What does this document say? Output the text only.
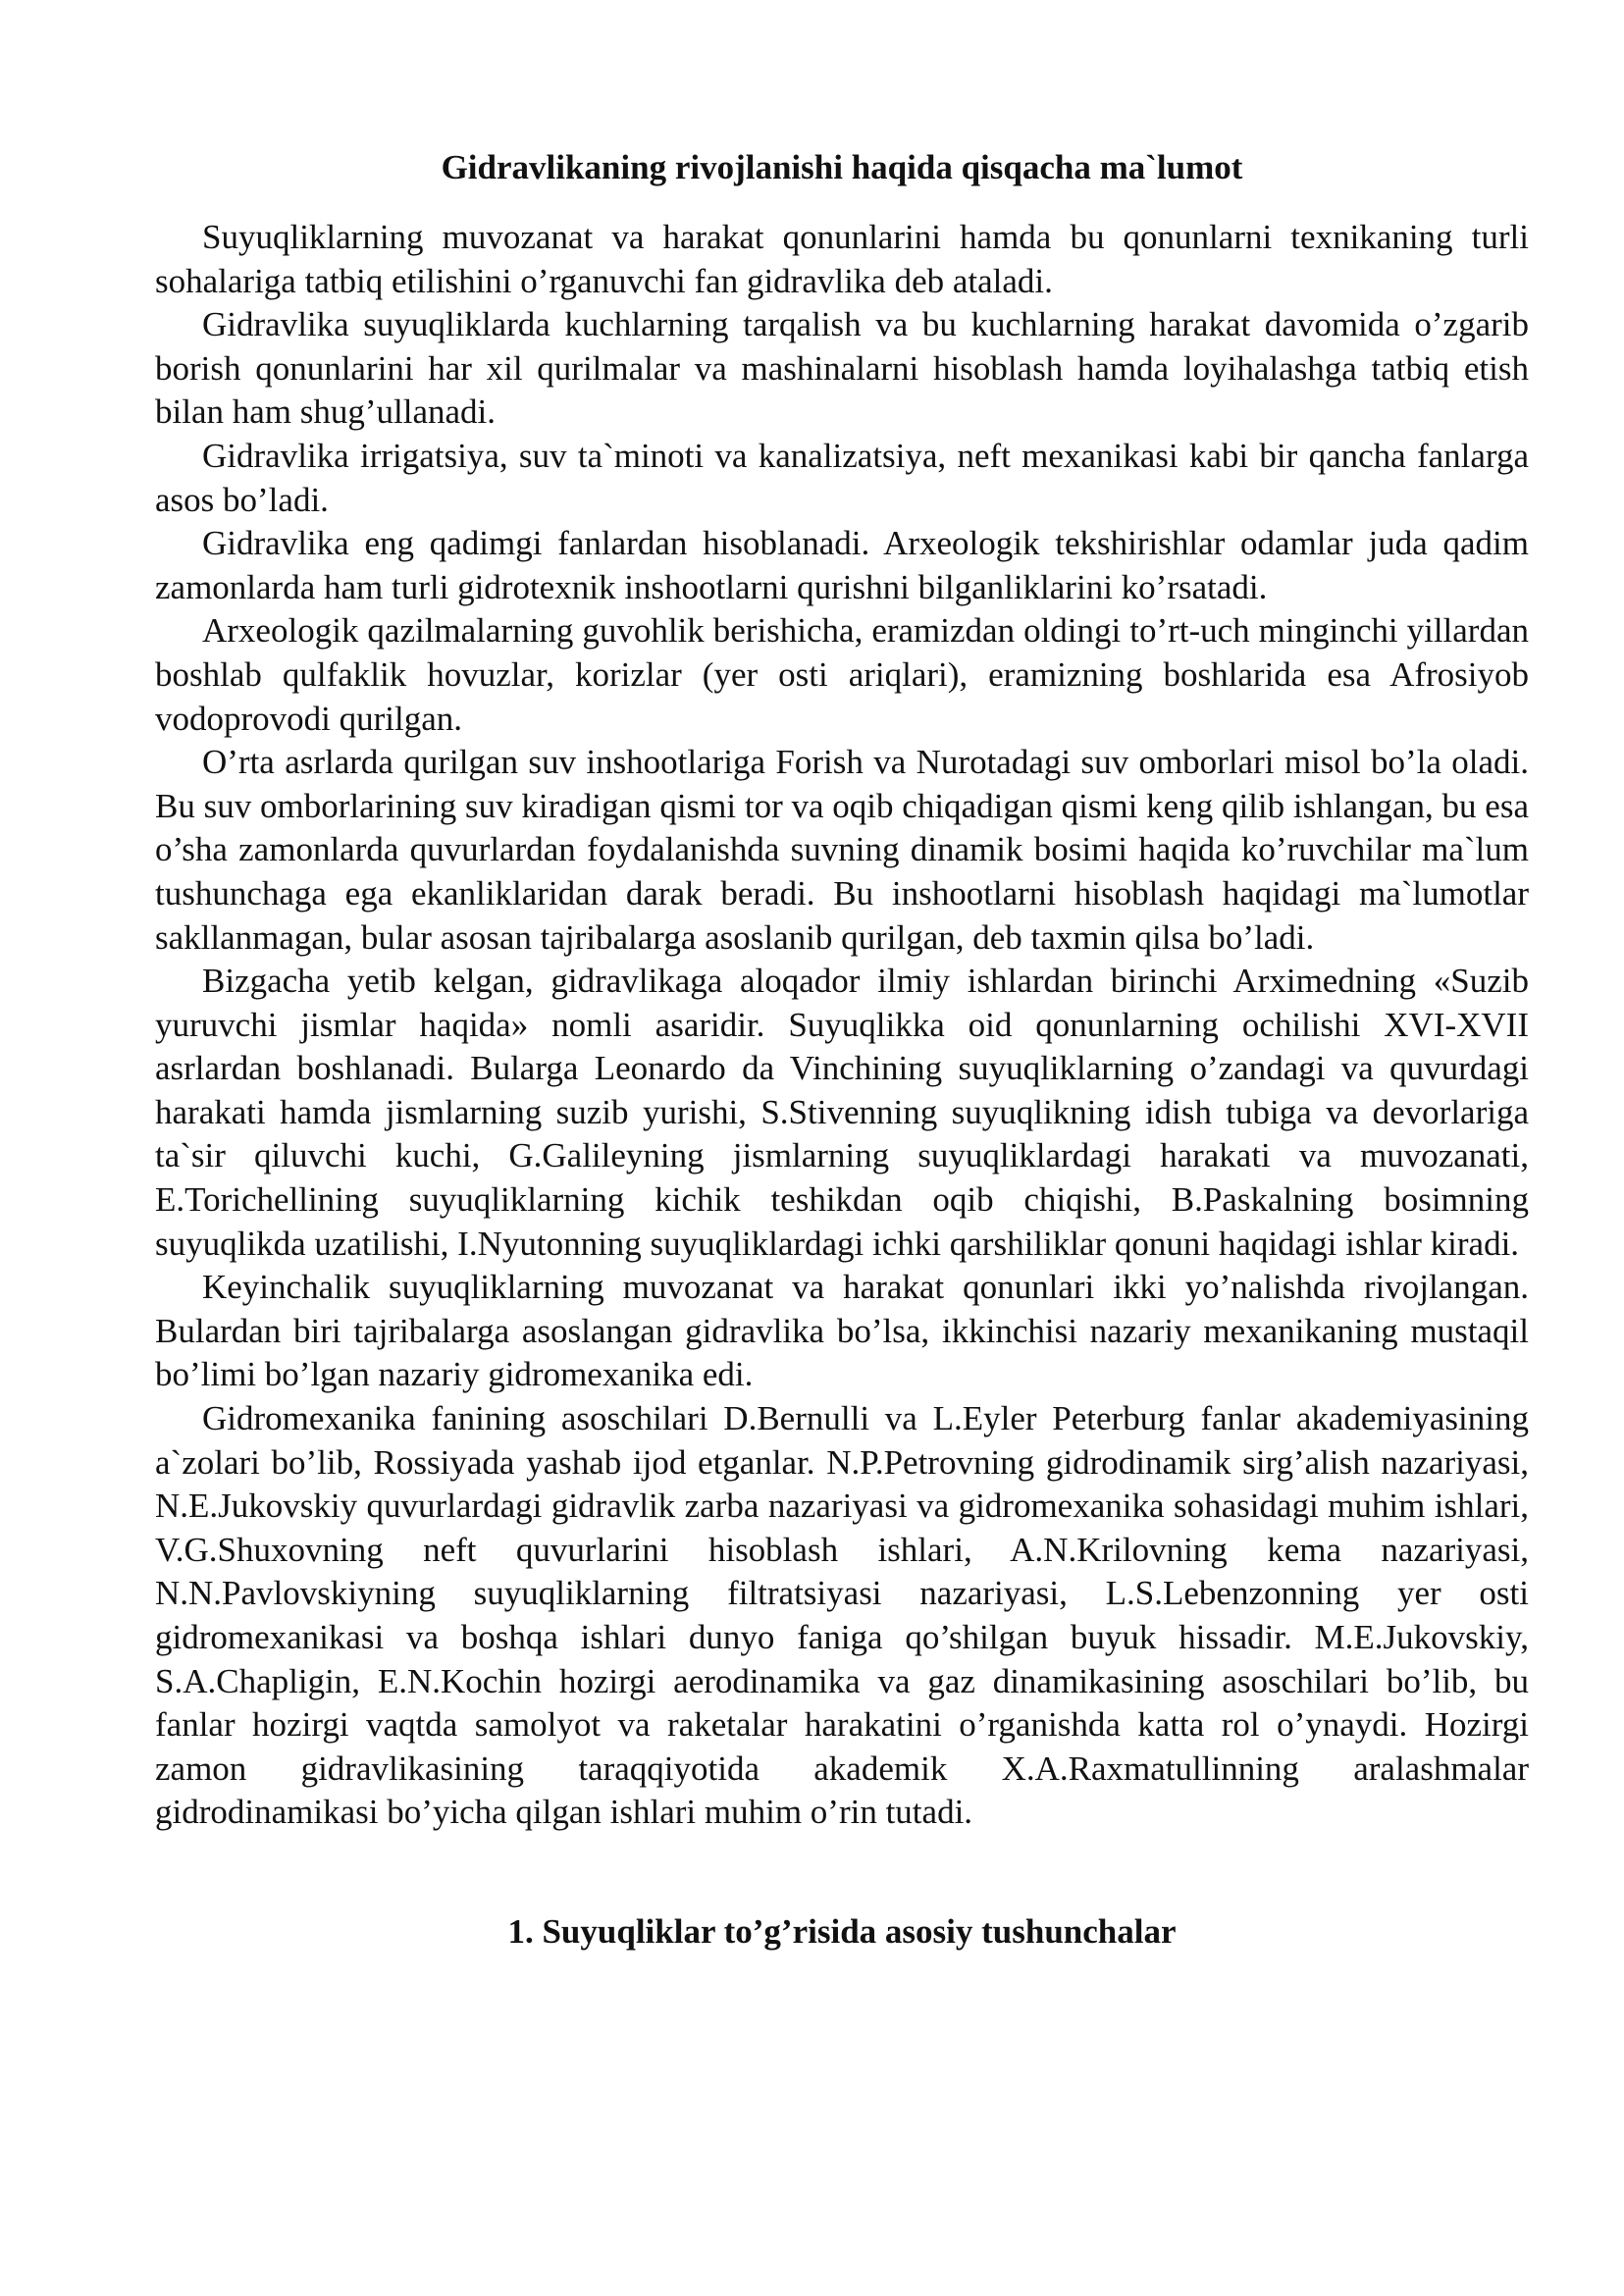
Gidravlikaning rivojlanishi haqida qisqacha ma`lumot

Suyuqliklarning muvozanat va harakat qonunlarini hamda bu qonunlarni texnikaning turli sohalariga tatbiq etilishini o’rganuvchi fan gidravlika deb ataladi.

Gidravlika suyuqliklarda kuchlarning tarqalish va bu kuchlarning harakat davomida o’zgarib borish qonunlarini har xil qurilmalar va mashinalarni hisoblash hamda loyihalashga tatbiq etish bilan ham shug’ullanadi.

Gidravlika irrigatsiya, suv ta`minoti va kanalizatsiya, neft mexanikasi kabi bir qancha fanlarga asos bo’ladi.

Gidravlika eng qadimgi fanlardan hisoblanadi. Arxeologik tekshirishlar odamlar juda qadim zamonlarda ham turli gidrotexnik inshootlarni qurishni bilganliklarini ko’rsatadi.

Arxeologik qazilmalarning guvohlik berishicha, eramizdan oldingi to’rt-uch minginchi yillardan boshlab qulfaklik hovuzlar, korizlar (yer osti ariqlari), eramizning boshlarida esa Afrosiyob vodoprovodi qurilgan.

O’rta asrlarda qurilgan suv inshootlariga Forish va Nurotadagi suv omborlari misol bo’la oladi. Bu suv omborlarining suv kiradigan qismi tor va oqib chiqadigan qismi keng qilib ishlangan, bu esa o’sha zamonlarda quvurlardan foydalanishda suvning dinamik bosimi haqida ko’ruvchilar ma`lum tushunchaga ega ekanliklaridan darak beradi. Bu inshootlarni hisoblash haqidagi ma`lumotlar sakllanmagan, bular asosan tajribalarga asoslanib qurilgan, deb taxmin qilsa bo’ladi.

Bizgacha yetib kelgan, gidravlikaga aloqador ilmiy ishlardan birinchi Arximedning «Suzib yuruvchi jismlar haqida» nomli asaridir. Suyuqlikka oid qonunlarning ochilishi XVI-XVII asrlardan boshlanadi. Bularga Leonardo da Vinchining suyuqliklarning o’zandagi va quvurdagi harakati hamda jismlarning suzib yurishi, S.Stivenning suyuqlikning idish tubiga va devorlariga ta`sir qiluvchi kuchi, G.Galileyning jismlarning suyuqliklardagi harakati va muvozanati, E.Torichellining suyuqliklarning kichik teshikdan oqib chiqishi, B.Paskalning bosimning suyuqlikda uzatilishi, I.Nyutonning suyuqliklardagi ichki qarshiliklar qonuni haqidagi ishlar kiradi.

Keyinchalik suyuqliklarning muvozanat va harakat qonunlari ikki yo’nalishda rivojlangan. Bulardan biri tajribalarga asoslangan gidravlika bo’lsa, ikkinchisi nazariy mexanikaning mustaqil bo’limi bo’lgan nazariy gidromexanika edi.

Gidromexanika fanining asoschilari D.Bernulli va L.Eyler Peterburg fanlar akademiyasining a`zolari bo’lib, Rossiyada yashab ijod etganlar. N.P.Petrovning gidrodinamik sirg’alish nazariyasi, N.E.Jukovskiy quvurlardagi gidravlik zarba nazariyasi va gidromexanika sohasidagi muhim ishlari, V.G.Shuxovning neft quvurlarini hisoblash ishlari, A.N.Krilovning kema nazariyasi, N.N.Pavlovskiyning suyuqliklarning filtratsiyasi nazariyasi, L.S.Lebenzonning yer osti gidromexanikasi va boshqa ishlari dunyo faniga qo’shilgan buyuk hissadir. M.E.Jukovskiy, S.A.Chapligin, E.N.Kochin hozirgi aerodinamika va gaz dinamikasining asoschilari bo’lib, bu fanlar hozirgi vaqtda samolyot va raketalar harakatini o’rganishda katta rol o’ynaydi. Hozirgi zamon gidravlikasining taraqqiyotida akademik X.A.Raxmatullinning aralashmalar gidrodinamikasi bo’yicha qilgan ishlari muhim o’rin tutadi.

1. Suyuqliklar to’g’risida asosiy tushunchalar
